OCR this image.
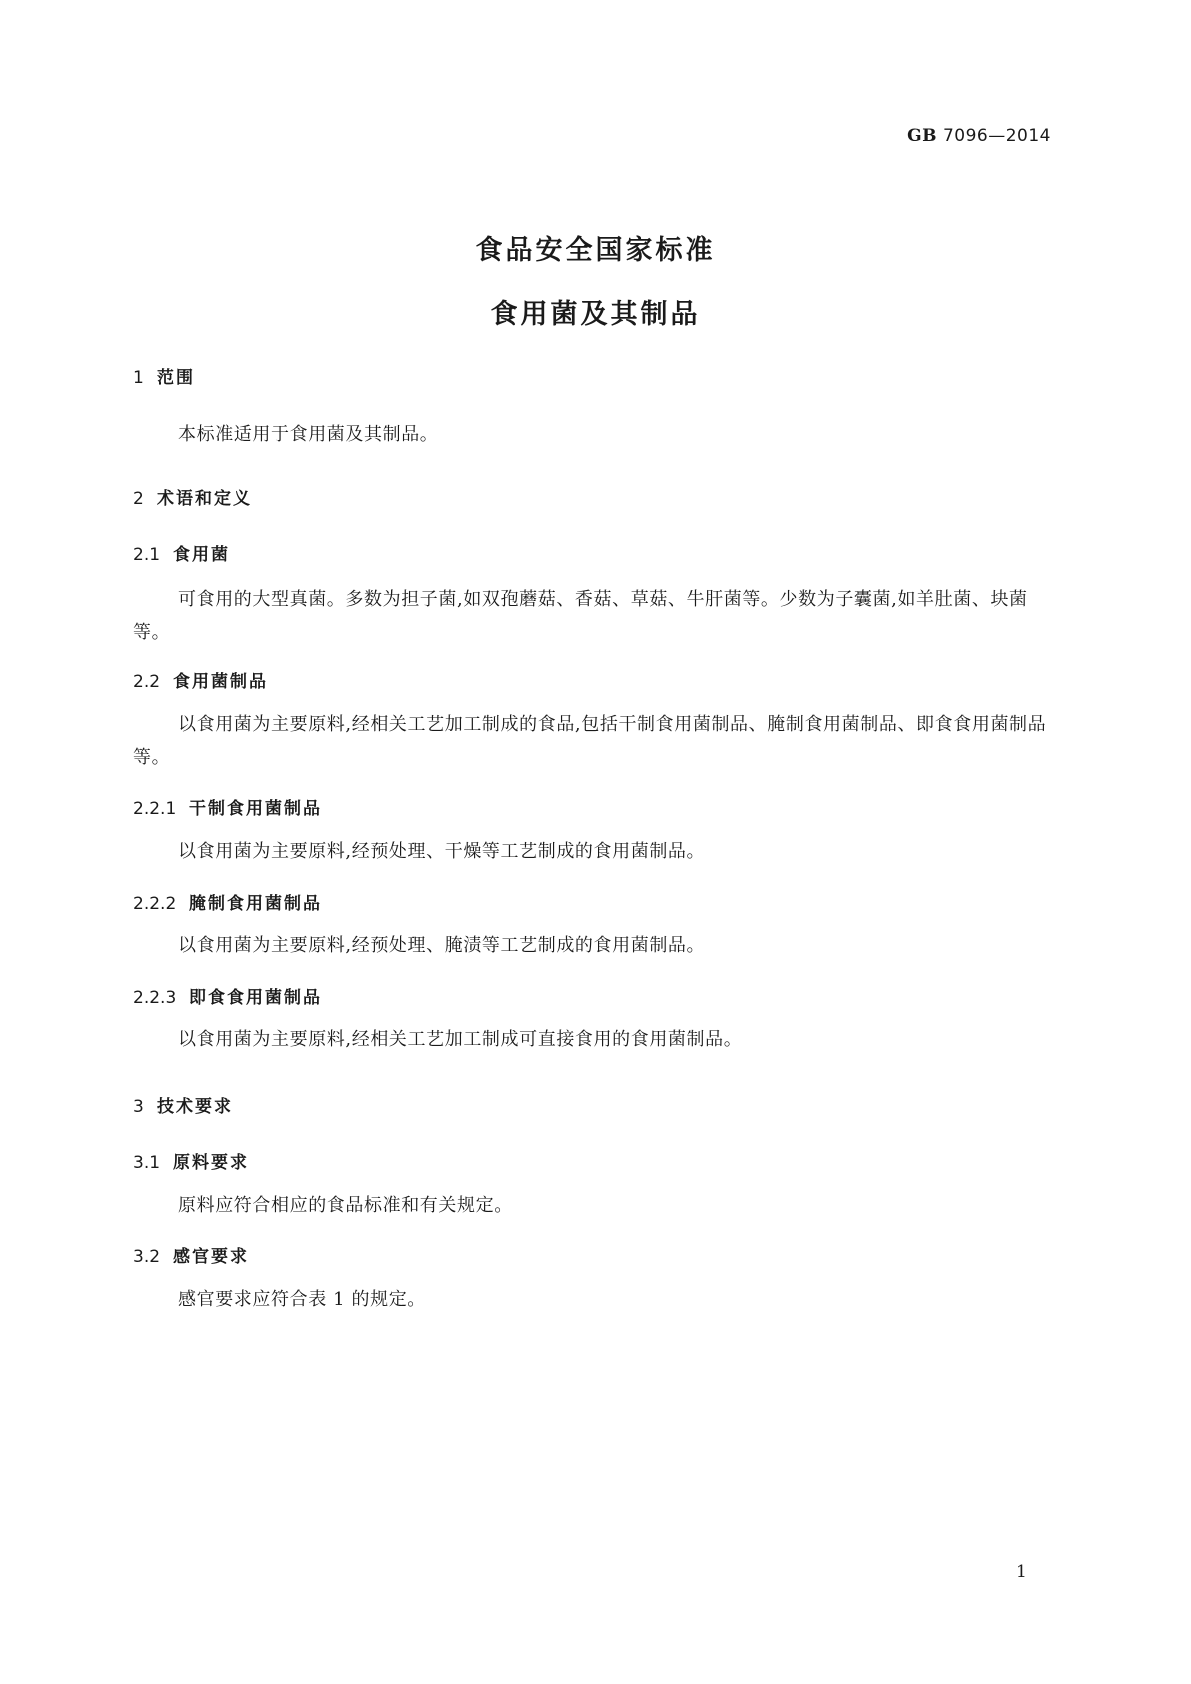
GB 7096—2014
食品安全国家标准
食用菌及其制品
1 范围
本标准适用于食用菌及其制品。
2 术语和定义
2.1 食用菌
可食用的大型真菌。多数为担子菌,如双孢蘑菇、香菇、草菇、牛肝菌等。少数为子囊菌,如羊肚菌、块菌等。
2.2 食用菌制品
以食用菌为主要原料,经相关工艺加工制成的食品,包括干制食用菌制品、腌制食用菌制品、即食食用菌制品等。
2.2.1 干制食用菌制品
以食用菌为主要原料,经预处理、干燥等工艺制成的食用菌制品。
2.2.2 腌制食用菌制品
以食用菌为主要原料,经预处理、腌渍等工艺制成的食用菌制品。
2.2.3 即食食用菌制品
以食用菌为主要原料,经相关工艺加工制成可直接食用的食用菌制品。
3 技术要求
3.1 原料要求
原料应符合相应的食品标准和有关规定。
3.2 感官要求
感官要求应符合表 1 的规定。
1
